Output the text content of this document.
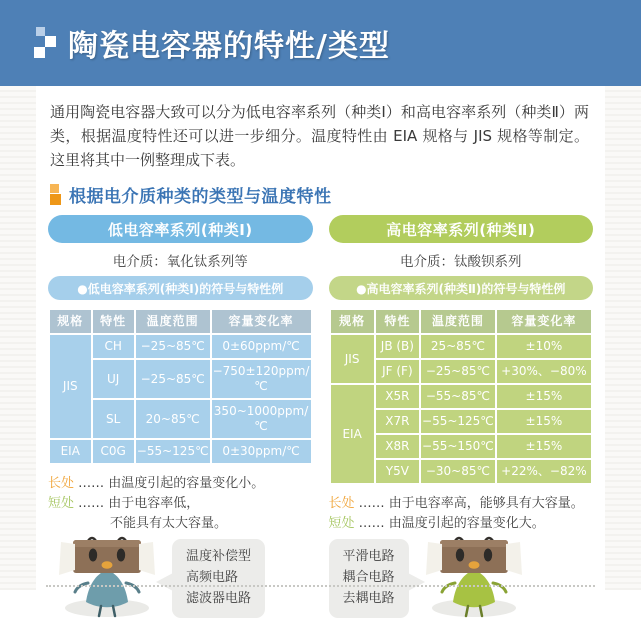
陶瓷电容器的特性/类型

通用陶瓷电容器大致可以分为低电容率系列（种类Ⅰ）和高电容率系列（种类Ⅱ）两类，根据温度特性还可以进一步细分。温度特性由 EIA 规格与 JIS 规格等制定。这里将其中一例整理成下表。

根据电介质种类的类型与温度特性
低电容率系列(种类Ⅰ)
电介质：氧化钛系列等
●低电容率系列(种类Ⅰ)的符号与特性例
规格	特性	温度范围	容量变化率
JIS	CH	−25~85℃	0±60ppm/℃
	UJ	−25~85℃	−750±120ppm/℃
	SL	20~85℃	350~1000ppm/℃
EIA	C0G	−55~125℃	0±30ppm/℃
长处 …… 由温度引起的容量变化小。
短处 …… 由于电容率低，
不能具有太大容量。
温度补偿型
高频电路
滤波器电路
高电容率系列(种类Ⅱ)
电介质：钛酸钡系列
●高电容率系列(种类Ⅱ)的符号与特性例
规格	特性	温度范围	容量变化率
JIS	JB (B)	25~85℃	±10%
	JF (F)	−25~85℃	+30%、−80%
EIA	X5R	−55~85℃	±15%
	X7R	−55~125℃	±15%
	X8R	−55~150℃	±15%
	Y5V	−30~85℃	+22%、−82%
长处 …… 由于电容率高，能够具有大容量。
短处 …… 由温度引起的容量变化大。
平滑电路
耦合电路
去耦电路
